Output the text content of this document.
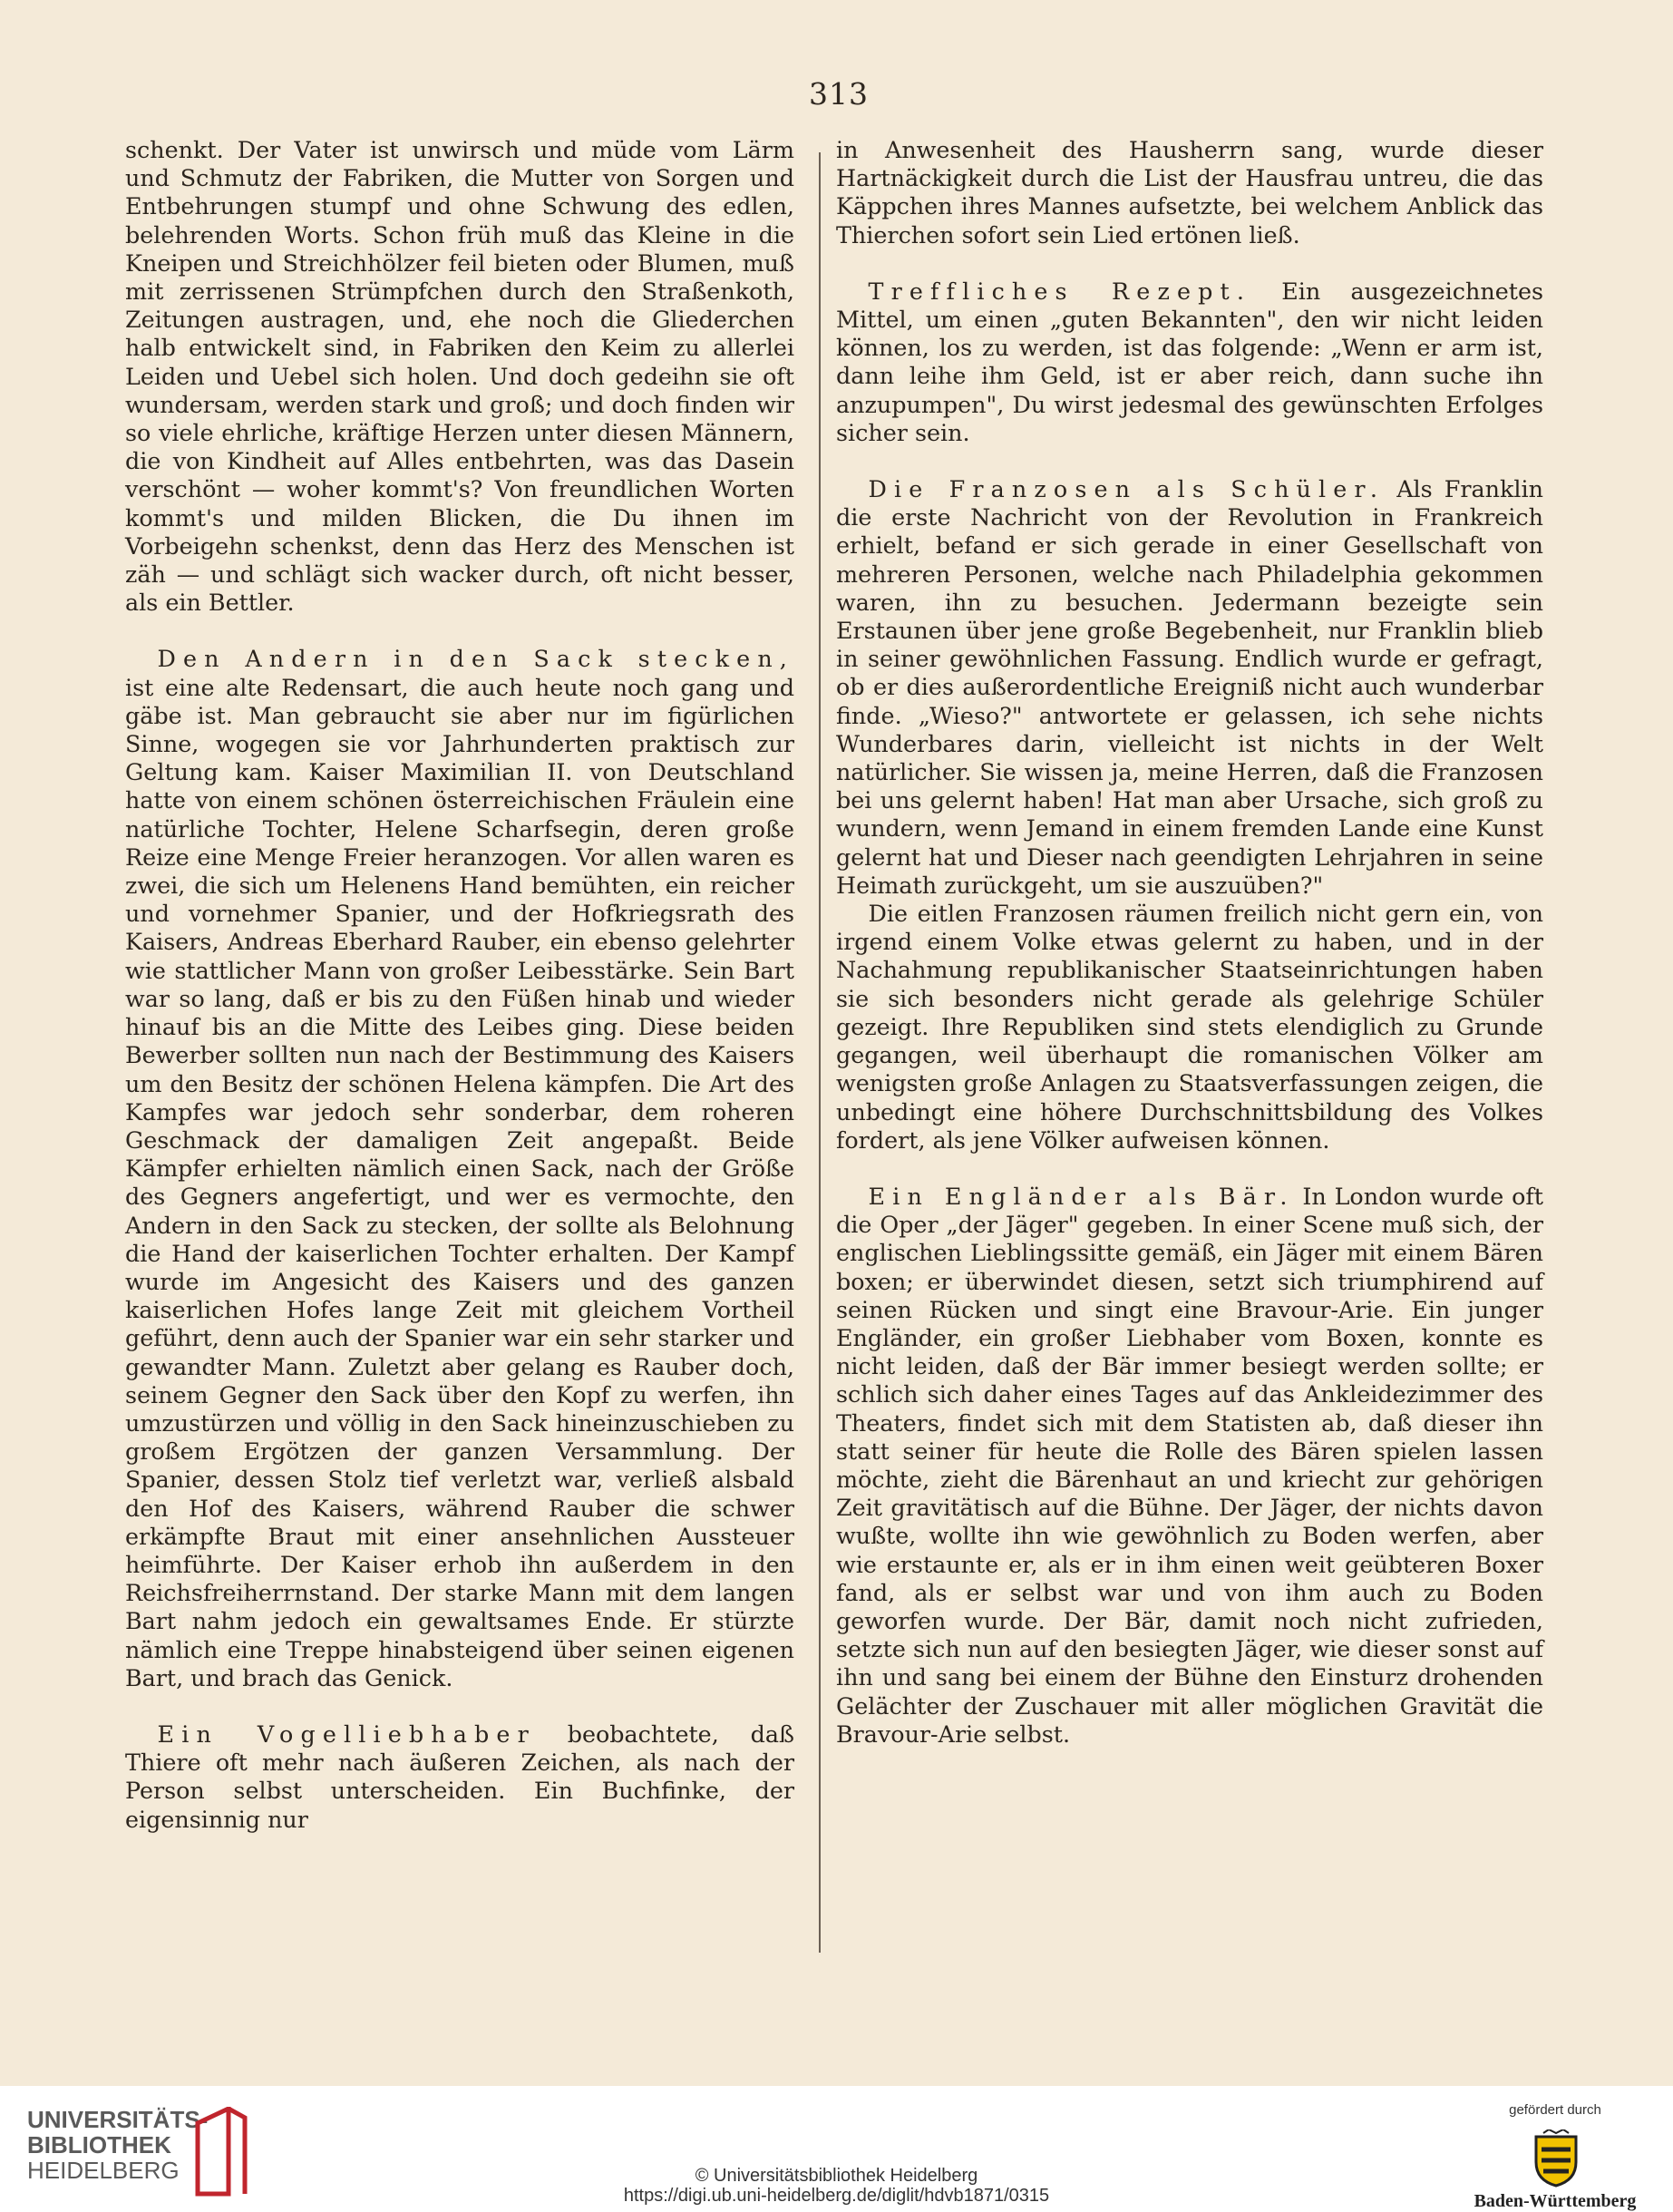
313

schenkt. Der Vater ist unwirsch und müde vom Lärm und Schmutz der Fabriken, die Mutter von Sorgen und Entbehrungen stumpf und ohne Schwung des edlen, belehrenden Worts. Schon früh muß das Kleine in die Kneipen und Streichhölzer feil bieten oder Blumen, muß mit zerrissenen Strümpfchen durch den Straßenkoth, Zeitungen austragen, und, ehe noch die Gliederchen halb entwickelt sind, in Fabriken den Keim zu allerlei Leiden und Uebel sich holen. Und doch gedeihn sie oft wundersam, werden stark und groß; und doch finden wir so viele ehrliche, kräftige Herzen unter diesen Männern, die von Kindheit auf Alles entbehrten, was das Dasein verschönt — woher kommt's? Von freundlichen Worten kommt's und milden Blicken, die Du ihnen im Vorbeigehn schenkst, denn das Herz des Menschen ist zäh — und schlägt sich wacker durch, oft nicht besser, als ein Bettler.

Den Andern in den Sack stecken, ist eine alte Redensart, die auch heute noch gang und gäbe ist. Man gebraucht sie aber nur im figürlichen Sinne, wogegen sie vor Jahrhunderten praktisch zur Geltung kam. Kaiser Maximilian II. von Deutschland hatte von einem schönen österreichischen Fräulein eine natürliche Tochter, Helene Scharfsegin, deren große Reize eine Menge Freier heranzogen. Vor allen waren es zwei, die sich um Helenens Hand bemühten, ein reicher und vornehmer Spanier, und der Hofkriegsrath des Kaisers, Andreas Eberhard Rauber, ein ebenso gelehrter wie stattlicher Mann von großer Leibesstärke. Sein Bart war so lang, daß er bis zu den Füßen hinab und wieder hinauf bis an die Mitte des Leibes ging. Diese beiden Bewerber sollten nun nach der Bestimmung des Kaisers um den Besitz der schönen Helena kämpfen. Die Art des Kampfes war jedoch sehr sonderbar, dem roheren Geschmack der damaligen Zeit angepaßt. Beide Kämpfer erhielten nämlich einen Sack, nach der Größe des Gegners angefertigt, und wer es vermochte, den Andern in den Sack zu stecken, der sollte als Belohnung die Hand der kaiserlichen Tochter erhalten. Der Kampf wurde im Angesicht des Kaisers und des ganzen kaiserlichen Hofes lange Zeit mit gleichem Vortheil geführt, denn auch der Spanier war ein sehr starker und gewandter Mann. Zuletzt aber gelang es Rauber doch, seinem Gegner den Sack über den Kopf zu werfen, ihn umzustürzen und völlig in den Sack hineinzuschieben zu großem Ergötzen der ganzen Versammlung. Der Spanier, dessen Stolz tief verletzt war, verließ alsbald den Hof des Kaisers, während Rauber die schwer erkämpfte Braut mit einer ansehnlichen Aussteuer heimführte. Der Kaiser erhob ihn außerdem in den Reichsfreiherrnstand. Der starke Mann mit dem langen Bart nahm jedoch ein gewaltsames Ende. Er stürzte nämlich eine Treppe hinabsteigend über seinen eigenen Bart, und brach das Genick.

Ein Vogelliebhaber beobachtete, daß Thiere oft mehr nach äußeren Zeichen, als nach der Person selbst unterscheiden. Ein Buchfinke, der eigensinnig nur

in Anwesenheit des Hausherrn sang, wurde dieser Hartnäckigkeit durch die List der Hausfrau untreu, die das Käppchen ihres Mannes aufsetzte, bei welchem Anblick das Thierchen sofort sein Lied ertönen ließ.

Treffliches Rezept. Ein ausgezeichnetes Mittel, um einen „guten Bekannten", den wir nicht leiden können, los zu werden, ist das folgende: „Wenn er arm ist, dann leihe ihm Geld, ist er aber reich, dann suche ihn anzupumpen", Du wirst jedesmal des gewünschten Erfolges sicher sein.

Die Franzosen als Schüler. Als Franklin die erste Nachricht von der Revolution in Frankreich erhielt, befand er sich gerade in einer Gesellschaft von mehreren Personen, welche nach Philadelphia gekommen waren, ihn zu besuchen. Jedermann bezeigte sein Erstaunen über jene große Begebenheit, nur Franklin blieb in seiner gewöhnlichen Fassung. Endlich wurde er gefragt, ob er dies außerordentliche Ereigniß nicht auch wunderbar finde. „Wieso?" antwortete er gelassen, ich sehe nichts Wunderbares darin, vielleicht ist nichts in der Welt natürlicher. Sie wissen ja, meine Herren, daß die Franzosen bei uns gelernt haben! Hat man aber Ursache, sich groß zu wundern, wenn Jemand in einem fremden Lande eine Kunst gelernt hat und Dieser nach geendigten Lehrjahren in seine Heimath zurückgeht, um sie auszuüben?"

Die eitlen Franzosen räumen freilich nicht gern ein, von irgend einem Volke etwas gelernt zu haben, und in der Nachahmung republikanischer Staatseinrichtungen haben sie sich besonders nicht gerade als gelehrige Schüler gezeigt. Ihre Republiken sind stets elendiglich zu Grunde gegangen, weil überhaupt die romanischen Völker am wenigsten große Anlagen zu Staatsverfassungen zeigen, die unbedingt eine höhere Durchschnittsbildung des Volkes fordert, als jene Völker aufweisen können.

Ein Engländer als Bär. In London wurde oft die Oper „der Jäger" gegeben. In einer Scene muß sich, der englischen Lieblingssitte gemäß, ein Jäger mit einem Bären boxen; er überwindet diesen, setzt sich triumphirend auf seinen Rücken und singt eine Bravour-Arie. Ein junger Engländer, ein großer Liebhaber vom Boxen, konnte es nicht leiden, daß der Bär immer besiegt werden sollte; er schlich sich daher eines Tages auf das Ankleidezimmer des Theaters, findet sich mit dem Statisten ab, daß dieser ihn statt seiner für heute die Rolle des Bären spielen lassen möchte, zieht die Bärenhaut an und kriecht zur gehörigen Zeit gravitätisch auf die Bühne. Der Jäger, der nichts davon wußte, wollte ihn wie gewöhnlich zu Boden werfen, aber wie erstaunte er, als er in ihm einen weit geübteren Boxer fand, als er selbst war und von ihm auch zu Boden geworfen wurde. Der Bär, damit noch nicht zufrieden, setzte sich nun auf den besiegten Jäger, wie dieser sonst auf ihn und sang bei einem der Bühne den Einsturz drohenden Gelächter der Zuschauer mit aller möglichen Gravität die Bravour-Arie selbst.

UNIVERSITÄTS-
BIBLIOTHEK
HEIDELBERG	© Universitätsbibliothek Heidelberg
https://digi.ub.uni-heidelberg.de/diglit/hdvb1871/0315
gefördert durch
Baden-Württemberg
